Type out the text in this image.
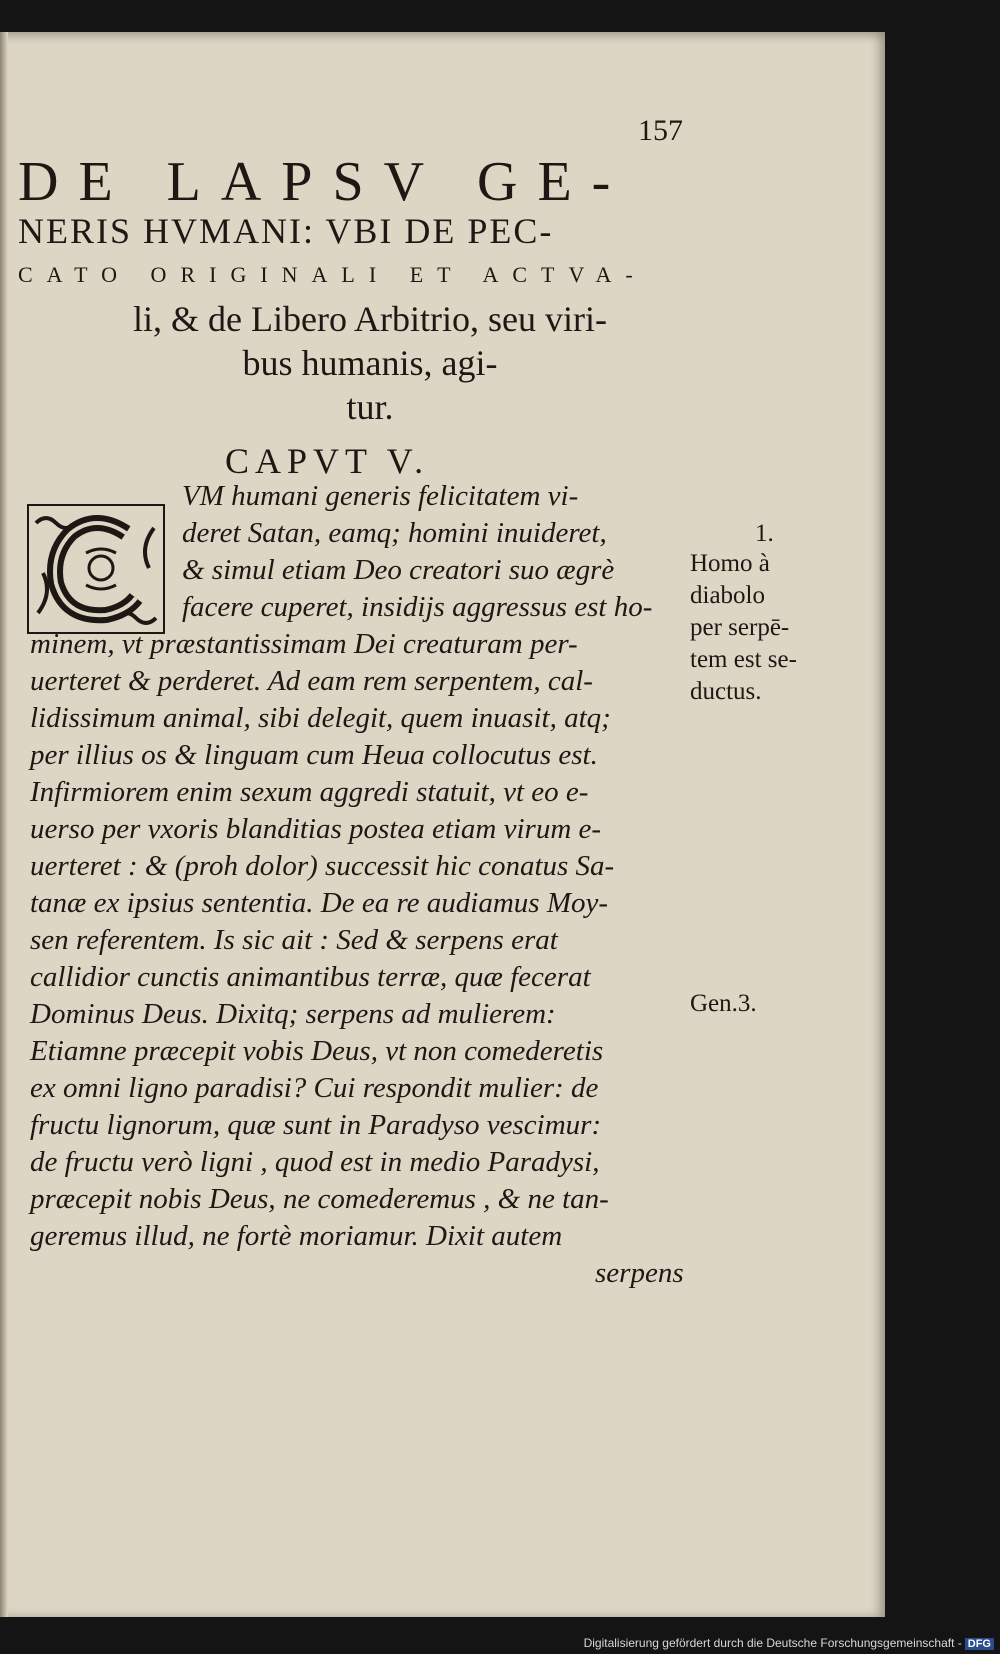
157
DE LAPSV GE-
NERIS HVMANI: VBI DE PEC-
CATO ORIGINALI ET ACTVA-
li, & de Libero Arbitrio, seu viri-
bus humanis, agi-
tur.
CAPVT V.
VM humani generis felicitatem vi-
deret Satan, eamq; homini inuideret,
& simul etiam Deo creatori suo ægrè
facere cuperet, insidijs aggressus est ho-
minem, vt præstantissimam Dei creaturam per-
uerteret & perderet. Ad eam rem serpentem, cal-
lidissimum animal, sibi delegit, quem inuasit, atq;
per illius os & linguam cum Heua collocutus est.
Infirmiorem enim sexum aggredi statuit, vt eo e-
uerso per vxoris blanditias postea etiam virum e-
uerteret : & (proh dolor) successit hic conatus Sa-
tanæ ex ipsius sententia. De ea re audiamus Moy-
sen referentem. Is sic ait : Sed & serpens erat
callidior cunctis animantibus terræ, quæ fecerat
Dominus Deus. Dixitq; serpens ad mulierem:
Etiamne præcepit vobis Deus, vt non comederetis
ex omni ligno paradisi? Cui respondit mulier: de
fructu lignorum, quæ sunt in Paradyso vescimur:
de fructu verò ligni , quod est in medio Paradysi,
præcepit nobis Deus, ne comederemus , & ne tan-
geremus illud, ne fortè moriamur. Dixit autem
serpens
1.
Homo à
diabolo
per serpē-
tem est se-
ductus.
Gen.3.
Digitalisierung gefördert durch die Deutsche Forschungsgemeinschaft - DFG
